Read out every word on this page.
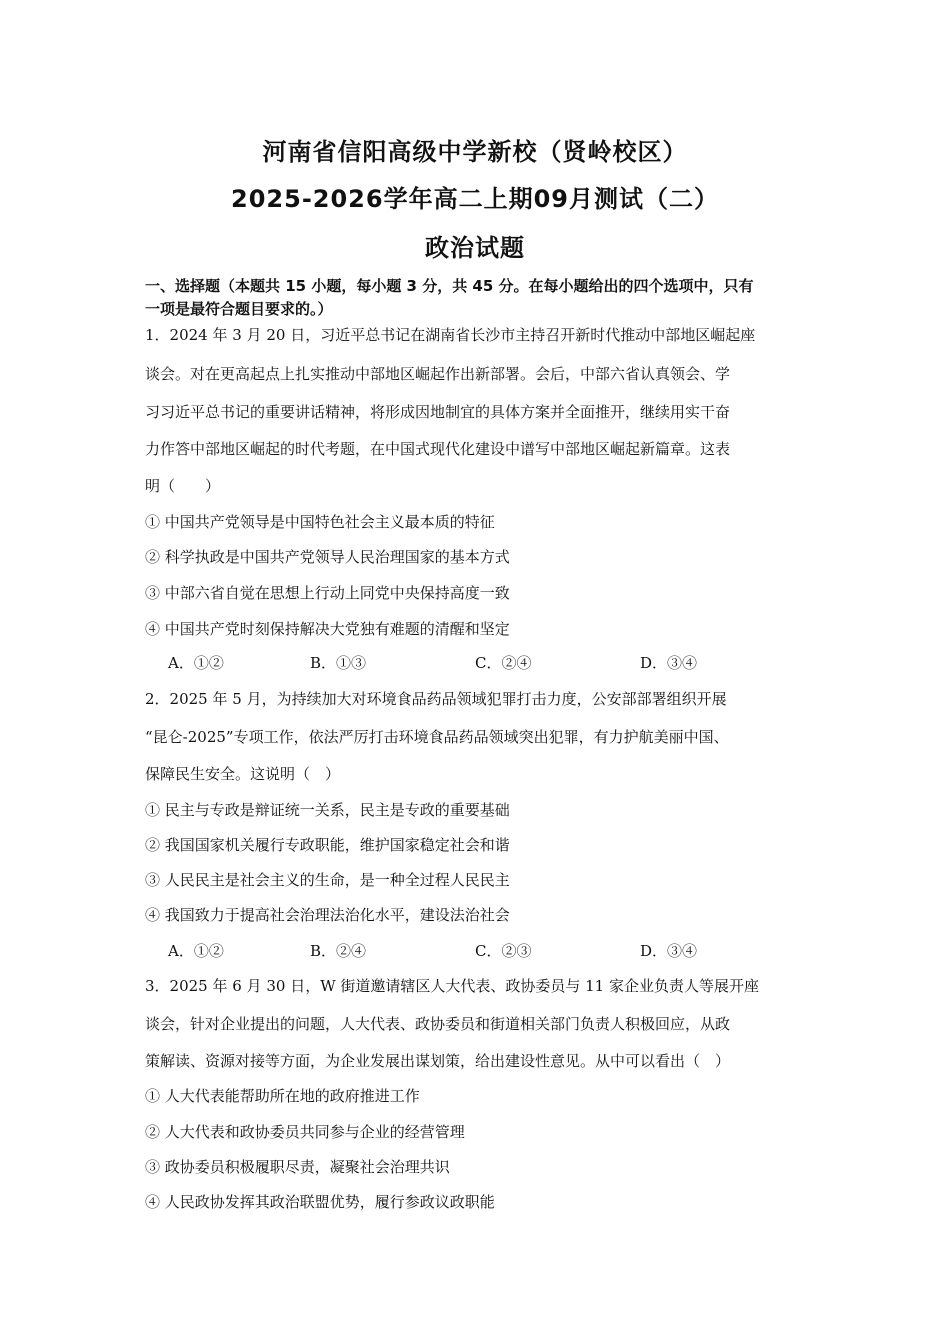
河南省信阳高级中学新校（贤岭校区）
2025-2026学年高二上期09月测试（二）
政治试题
一、选择题（本题共 15 小题，每小题 3 分，共 45 分。在每小题给出的四个选项中，只有
一项是最符合题目要求的。）
1．2024 年 3 月 20 日，习近平总书记在湖南省长沙市主持召开新时代推动中部地区崛起座
谈会。对在更高起点上扎实推动中部地区崛起作出新部署。会后，中部六省认真领会、学
习习近平总书记的重要讲话精神，将形成因地制宜的具体方案并全面推开，继续用实干奋
力作答中部地区崛起的时代考题，在中国式现代化建设中谱写中部地区崛起新篇章。这表
明（　　）
① 中国共产党领导是中国特色社会主义最本质的特征
② 科学执政是中国共产党领导人民治理国家的基本方式
③ 中部六省自觉在思想上行动上同党中央保持高度一致
④ 中国共产党时刻保持解决大党独有难题的清醒和坚定
A．①②	B．①③	C．②④	D．③④
2．2025 年 5 月，为持续加大对环境食品药品领域犯罪打击力度，公安部部署组织开展
“昆仑-2025”专项工作，依法严厉打击环境食品药品领域突出犯罪，有力护航美丽中国、
保障民生安全。这说明（　）
① 民主与专政是辩证统一关系，民主是专政的重要基础
② 我国国家机关履行专政职能，维护国家稳定社会和谐
③ 人民民主是社会主义的生命，是一种全过程人民民主
④ 我国致力于提高社会治理法治化水平，建设法治社会
A．①②	B．②④	C．②③	D．③④
3．2025 年 6 月 30 日，W 街道邀请辖区人大代表、政协委员与 11 家企业负责人等展开座
谈会，针对企业提出的问题，人大代表、政协委员和街道相关部门负责人积极回应，从政
策解读、资源对接等方面，为企业发展出谋划策，给出建设性意见。从中可以看出（　）
① 人大代表能帮助所在地的政府推进工作
② 人大代表和政协委员共同参与企业的经营管理
③ 政协委员积极履职尽责，凝聚社会治理共识
④ 人民政协发挥其政治联盟优势，履行参政议政职能
